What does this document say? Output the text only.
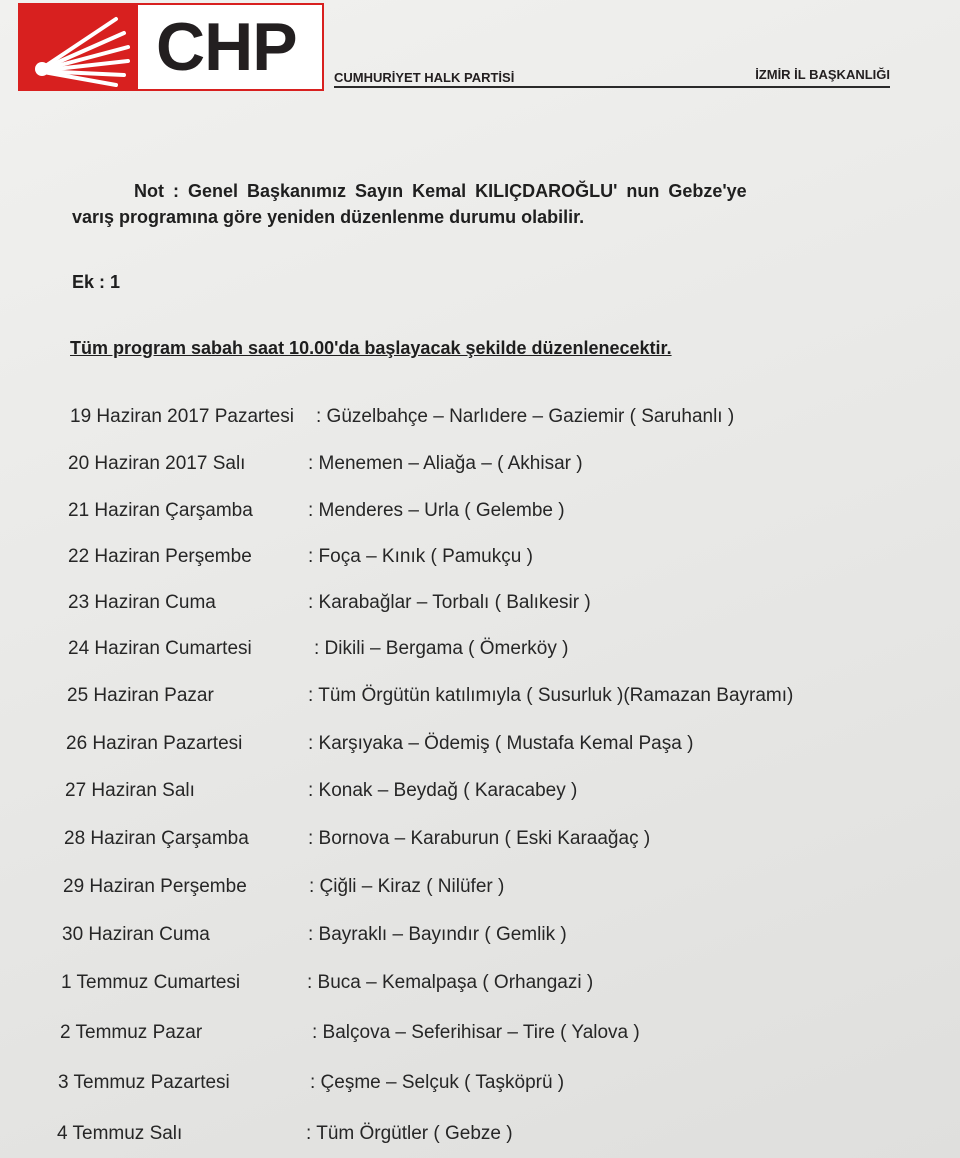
CHP	CUMHURİYET HALK PARTİSİ	İZMİR İL BAŞKANLIĞI
Not : Genel Başkanımız Sayın Kemal KILIÇDAROĞLU' nun Gebze'ye
varış programına göre yeniden düzenlenme durumu olabilir.
Ek : 1
Tüm program sabah saat 10.00'da başlayacak şekilde düzenlenecektir.
19 Haziran 2017 Pazartesi : Güzelbahçe – Narlıdere – Gaziemir ( Saruhanlı )
20 Haziran 2017 Salı	: Menemen – Aliağa – ( Akhisar )
21 Haziran Çarşamba	: Menderes – Urla ( Gelembe )
22 Haziran Perşembe	: Foça – Kınık ( Pamukçu )
23 Haziran Cuma	: Karabağlar – Torbalı ( Balıkesir )
24 Haziran Cumartesi	: Dikili – Bergama ( Ömerköy )
25 Haziran Pazar	: Tüm Örgütün katılımıyla ( Susurluk )(Ramazan Bayramı)
26 Haziran Pazartesi	: Karşıyaka – Ödemiş ( Mustafa Kemal Paşa )
27 Haziran Salı	: Konak – Beydağ ( Karacabey )
28 Haziran Çarşamba	: Bornova – Karaburun ( Eski Karaağaç )
29 Haziran Perşembe	: Çiğli – Kiraz ( Nilüfer )
30 Haziran Cuma	: Bayraklı – Bayındır ( Gemlik )
1 Temmuz Cumartesi	: Buca – Kemalpaşa ( Orhangazi )
2 Temmuz Pazar	: Balçova – Seferihisar – Tire ( Yalova )
3 Temmuz Pazartesi	: Çeşme – Selçuk ( Taşköprü )
4 Temmuz Salı	: Tüm Örgütler ( Gebze )
